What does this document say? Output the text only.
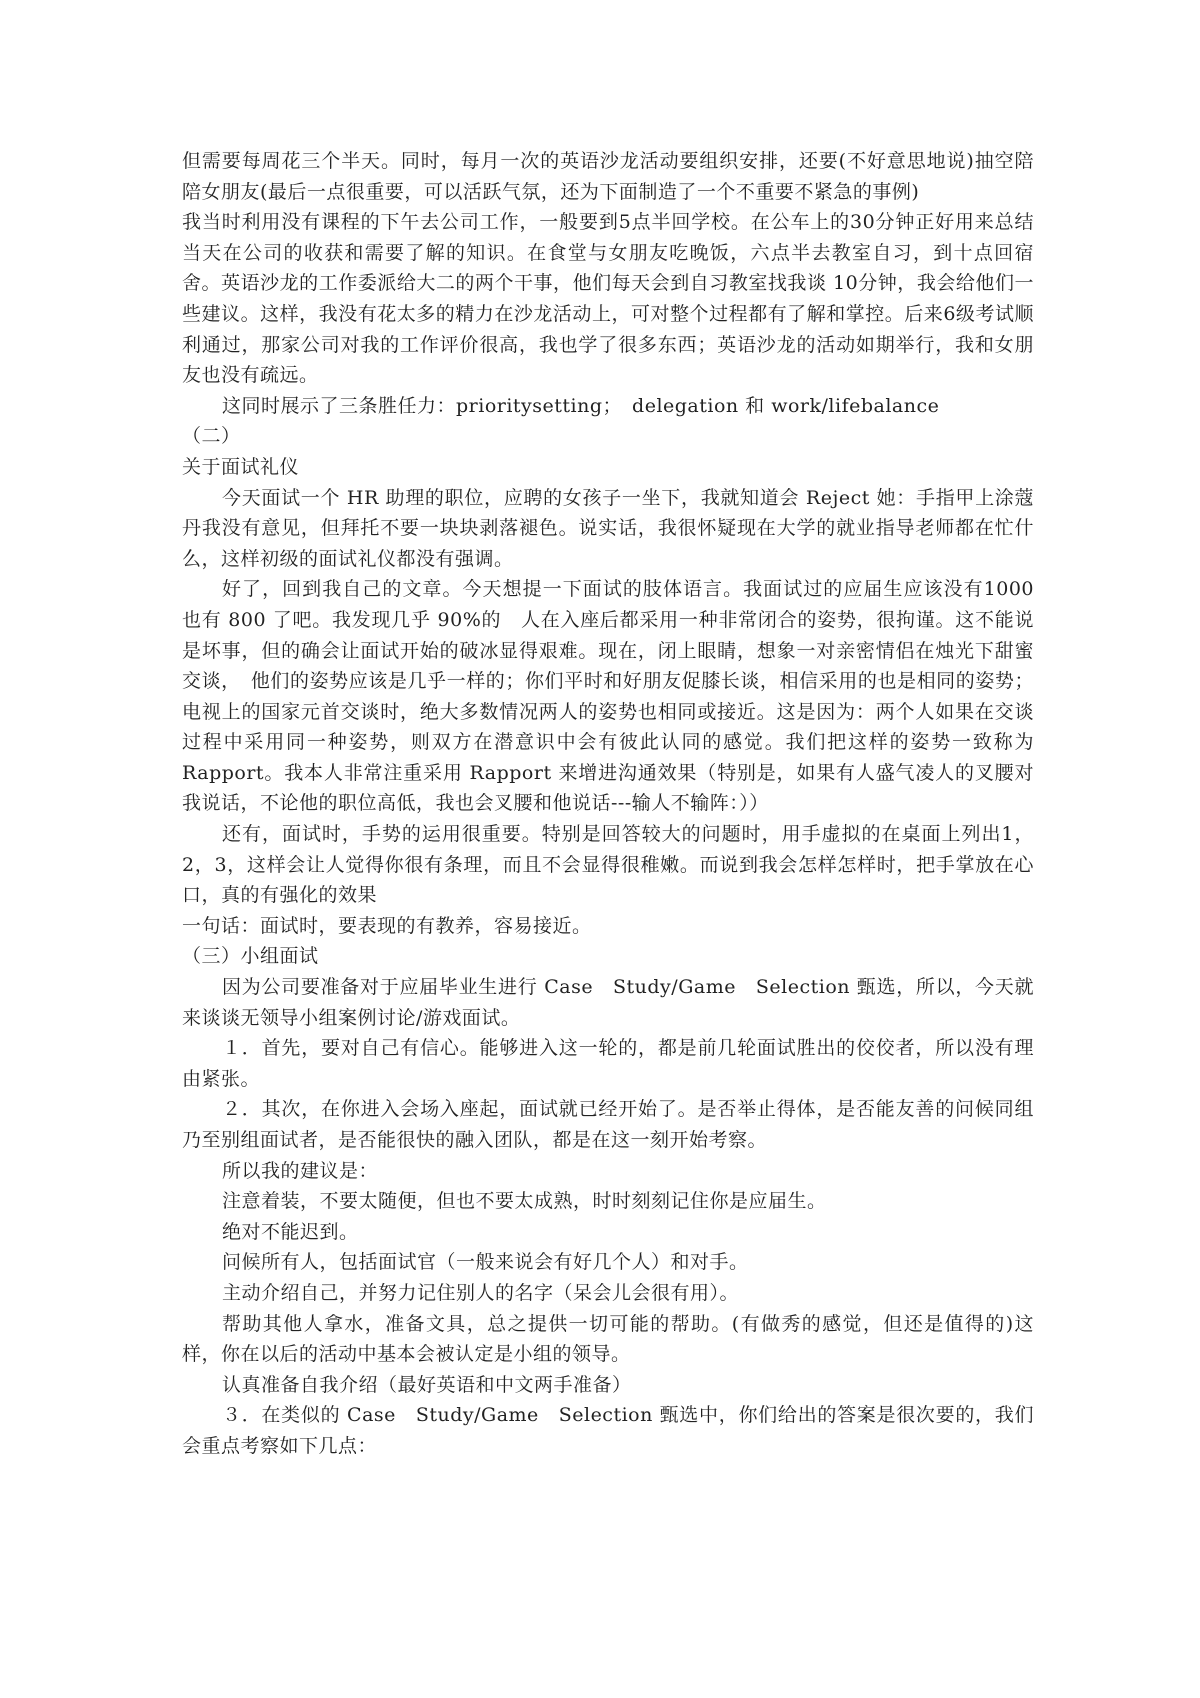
但需要每周花三个半天。同时，每月一次的英语沙龙活动要组织安排，还要(不好意思地说)抽空陪陪女朋友(最后一点很重要，可以活跃气氛，还为下面制造了一个不重要不紧急的事例)

我当时利用没有课程的下午去公司工作，一般要到5点半回学校。在公车上的30分钟正好用来总结当天在公司的收获和需要了解的知识。在食堂与女朋友吃晚饭，六点半去教室自习，到十点回宿舍。英语沙龙的工作委派给大二的两个干事，他们每天会到自习教室找我谈 10分钟，我会给他们一些建议。这样，我没有花太多的精力在沙龙活动上，可对整个过程都有了解和掌控。后来6级考试顺利通过，那家公司对我的工作评价很高，我也学了很多东西；英语沙龙的活动如期举行，我和女朋友也没有疏远。

这同时展示了三条胜任力：prioritysetting；　delegation 和 work/lifebalance

（二）

关于面试礼仪

今天面试一个 HR 助理的职位，应聘的女孩子一坐下，我就知道会 Reject 她：手指甲上涂蔻丹我没有意见，但拜托不要一块块剥落褪色。说实话，我很怀疑现在大学的就业指导老师都在忙什么，这样初级的面试礼仪都没有强调。

好了，回到我自己的文章。今天想提一下面试的肢体语言。我面试过的应届生应该没有1000 也有 800 了吧。我发现几乎 90%的　人在入座后都采用一种非常闭合的姿势，很拘谨。这不能说是坏事，但的确会让面试开始的破冰显得艰难。现在，闭上眼睛，想象一对亲密情侣在烛光下甜蜜交谈，　他们的姿势应该是几乎一样的；你们平时和好朋友促膝长谈，相信采用的也是相同的姿势；电视上的国家元首交谈时，绝大多数情况两人的姿势也相同或接近。这是因为：两个人如果在交谈过程中采用同一种姿势，则双方在潜意识中会有彼此认同的感觉。我们把这样的姿势一致称为 Rapport。我本人非常注重采用 Rapport 来增进沟通效果（特别是，如果有人盛气凌人的叉腰对我说话，不论他的职位高低，我也会叉腰和他说话---输人不输阵：））

还有，面试时，手势的运用很重要。特别是回答较大的问题时，用手虚拟的在桌面上列出1，2，3，这样会让人觉得你很有条理，而且不会显得很稚嫩。而说到我会怎样怎样时，把手掌放在心口，真的有强化的效果

一句话：面试时，要表现的有教养，容易接近。

（三）小组面试

因为公司要准备对于应届毕业生进行 Case　Study/Game　Selection 甄选，所以，今天就来谈谈无领导小组案例讨论/游戏面试。

１．首先，要对自己有信心。能够进入这一轮的，都是前几轮面试胜出的佼佼者，所以没有理由紧张。

２．其次，在你进入会场入座起，面试就已经开始了。是否举止得体，是否能友善的问候同组乃至别组面试者，是否能很快的融入团队，都是在这一刻开始考察。

所以我的建议是：

注意着装，不要太随便，但也不要太成熟，时时刻刻记住你是应届生。

绝对不能迟到。

问候所有人，包括面试官（一般来说会有好几个人）和对手。

主动介绍自己，并努力记住别人的名字（呆会儿会很有用）。

帮助其他人拿水，准备文具，总之提供一切可能的帮助。(有做秀的感觉，但还是值得的)这样，你在以后的活动中基本会被认定是小组的领导。

认真准备自我介绍（最好英语和中文两手准备）

３．在类似的 Case　Study/Game　Selection 甄选中，你们给出的答案是很次要的，我们会重点考察如下几点：
